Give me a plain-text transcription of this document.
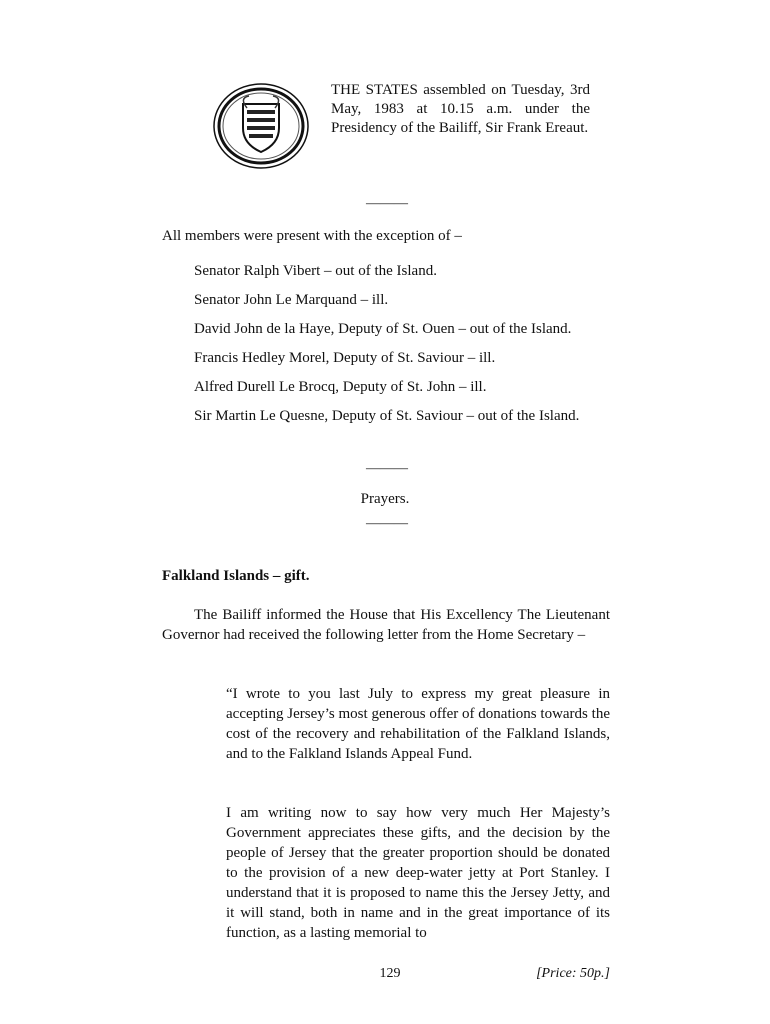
THE STATES assembled on Tuesday, 3rd May, 1983 at 10.15 a.m. under the Presidency of the Bailiff, Sir Frank Ereaut.
———
All members were present with the exception of –
Senator Ralph Vibert – out of the Island.
Senator John Le Marquand – ill.
David John de la Haye, Deputy of St. Ouen – out of the Island.
Francis Hedley Morel, Deputy of St. Saviour – ill.
Alfred Durell Le Brocq, Deputy of St. John – ill.
Sir Martin Le Quesne, Deputy of St. Saviour – out of the Island.
———
Prayers.
———
Falkland Islands – gift.
The Bailiff informed the House that His Excellency The Lieutenant Governor had received the following letter from the Home Secretary –
“I wrote to you last July to express my great pleasure in accepting Jersey’s most generous offer of donations towards the cost of the recovery and rehabilitation of the Falkland Islands, and to the Falkland Islands Appeal Fund.
I am writing now to say how very much Her Majesty’s Government appreciates these gifts, and the decision by the people of Jersey that the greater proportion should be donated to the provision of a new deep-water jetty at Port Stanley. I understand that it is proposed to name this the Jersey Jetty, and it will stand, both in name and in the great importance of its function, as a lasting memorial to
129	[Price: 50p.]
